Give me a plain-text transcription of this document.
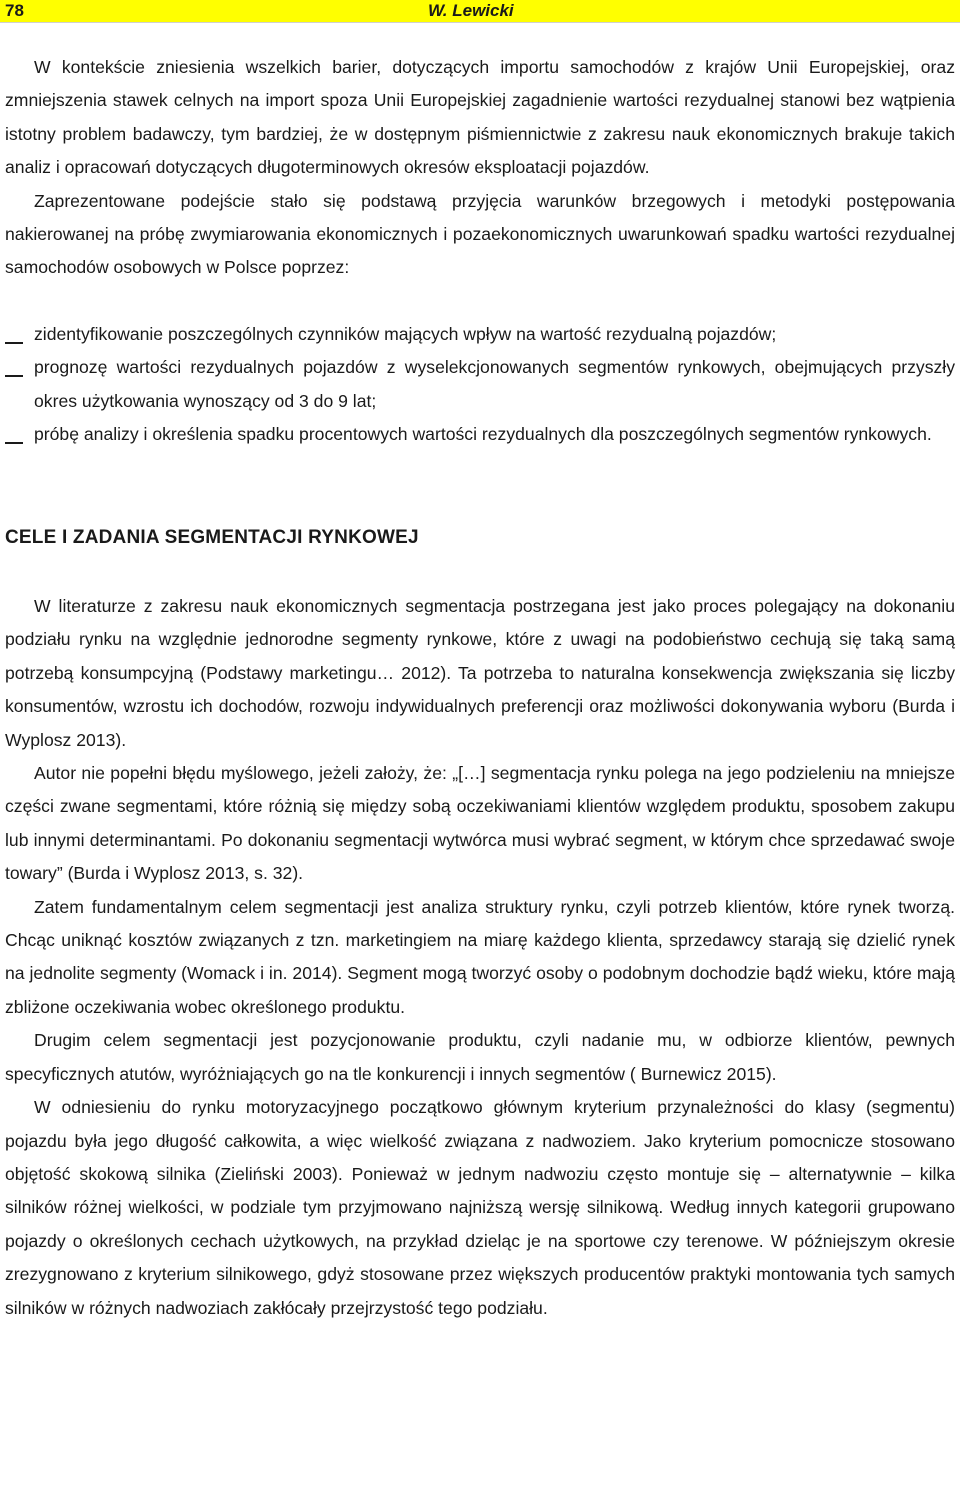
78	W. Lewicki

W kontekście zniesienia wszelkich barier, dotyczących importu samochodów z krajów Unii Europejskiej, oraz zmniejszenia stawek celnych na import spoza Unii Europejskiej zagadnienie wartości rezydualnej stanowi bez wątpienia istotny problem badawczy, tym bardziej, że w dostępnym piśmiennictwie z zakresu nauk ekonomicznych brakuje takich analiz i opracowań dotyczących długoterminowych okresów eksploatacji pojazdów.

Zaprezentowane podejście stało się podstawą przyjęcia warunków brzegowych i metodyki postępowania nakierowanej na próbę zwymiarowania ekonomicznych i pozaekonomicznych uwarunkowań spadku wartości rezydualnej samochodów osobowych w Polsce poprzez:

zidentyfikowanie poszczególnych czynników mających wpływ na wartość rezydualną pojazdów;
prognozę wartości rezydualnych pojazdów z wyselekcjonowanych segmentów rynkowych, obejmujących przyszły okres użytkowania wynoszący od 3 do 9 lat;
próbę analizy i określenia spadku procentowych wartości rezydualnych dla poszczególnych segmentów rynkowych.
CELE I ZADANIA SEGMENTACJI RYNKOWEJ

W literaturze z zakresu nauk ekonomicznych segmentacja postrzegana jest jako proces polegający na dokonaniu podziału rynku na względnie jednorodne segmenty rynkowe, które z uwagi na podobieństwo cechują się taką samą potrzebą konsumpcyjną (Podstawy marketingu… 2012). Ta potrzeba to naturalna konsekwencja zwiększania się liczby konsumentów, wzrostu ich dochodów, rozwoju indywidualnych preferencji oraz możliwości dokonywania wyboru (Burda i Wyplosz 2013).

Autor nie popełni błędu myślowego, jeżeli założy, że: „[…] segmentacja rynku polega na jego podzieleniu na mniejsze części zwane segmentami, które różnią się między sobą oczekiwaniami klientów względem produktu, sposobem zakupu lub innymi determinantami. Po dokonaniu segmentacji wytwórca musi wybrać segment, w którym chce sprzedawać swoje towary” (Burda i Wyplosz 2013, s. 32).

Zatem fundamentalnym celem segmentacji jest analiza struktury rynku, czyli potrzeb klientów, które rynek tworzą. Chcąc uniknąć kosztów związanych z tzn. marketingiem na miarę każdego klienta, sprzedawcy starają się dzielić rynek na jednolite segmenty (Womack i in. 2014). Segment mogą tworzyć osoby o podobnym dochodzie bądź wieku, które mają zbliżone oczekiwania wobec określonego produktu.

Drugim celem segmentacji jest pozycjonowanie produktu, czyli nadanie mu, w odbiorze klientów, pewnych specyficznych atutów, wyróżniających go na tle konkurencji i innych segmentów ( Burnewicz 2015).

W odniesieniu do rynku motoryzacyjnego początkowo głównym kryterium przynależności do klasy (segmentu) pojazdu była jego długość całkowita, a więc wielkość związana z nadwoziem. Jako kryterium pomocnicze stosowano objętość skokową silnika (Zieliński 2003). Ponieważ w jednym nadwoziu często montuje się – alternatywnie – kilka silników różnej wielkości, w podziale tym przyjmowano najniższą wersję silnikową. Według innych kategorii grupowano pojazdy o określonych cechach użytkowych, na przykład dzieląc je na sportowe czy terenowe. W późniejszym okresie zrezygnowano z kryterium silnikowego, gdyż stosowane przez większych producentów praktyki montowania tych samych silników w różnych nadwoziach zakłócały przejrzystość tego podziału.
